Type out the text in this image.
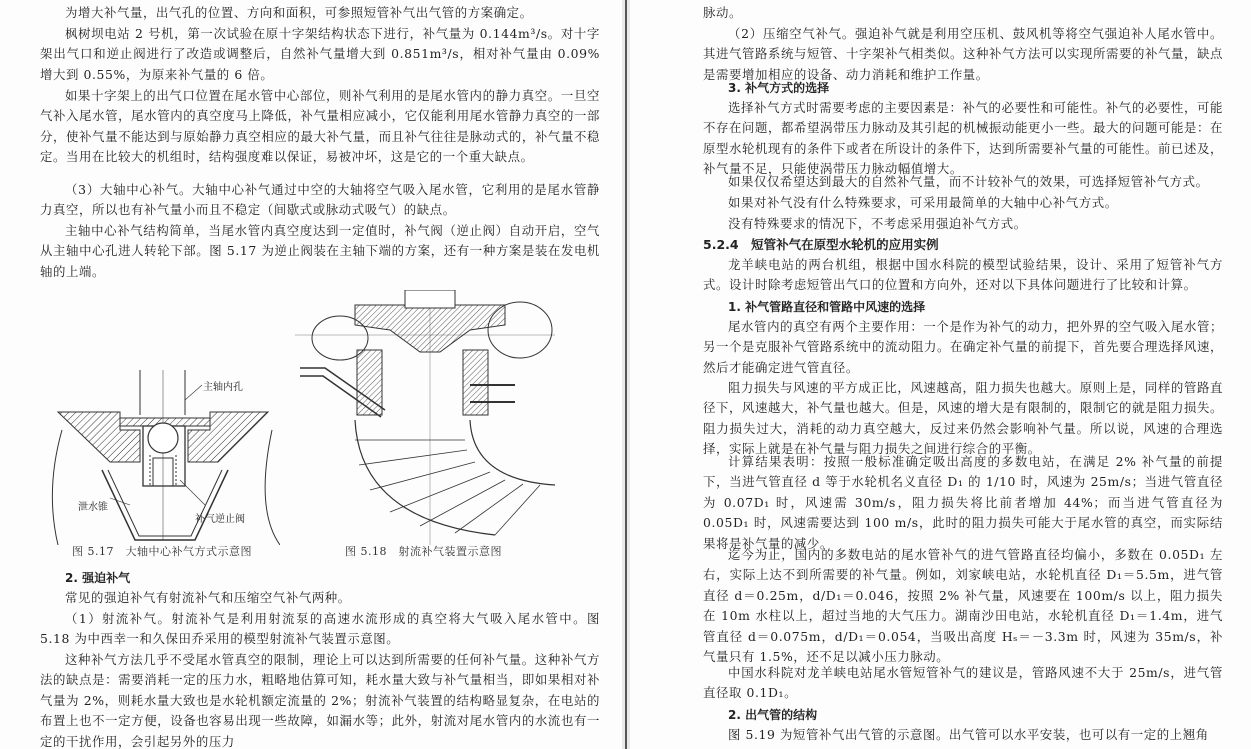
为增大补气量，出气孔的位置、方向和面积，可参照短管补气出气管的方案确定。

枫树坝电站 2 号机，第一次试验在原十字架结构状态下进行，补气量为 0.144m³/s。对十字架出气口和逆止阀进行了改造或调整后，自然补气量增大到 0.851m³/s，相对补气量由 0.09%增大到 0.55%，为原来补气量的 6 倍。

如果十字架上的出气口位置在尾水管中心部位，则补气利用的是尾水管内的静力真空。一旦空气补入尾水管，尾水管内的真空度马上降低，补气量相应减小，它仅能利用尾水管静力真空的一部分，使补气量不能达到与原始静力真空相应的最大补气量，而且补气往往是脉动式的，补气量不稳定。当用在比较大的机组时，结构强度难以保证，易被冲坏，这是它的一个重大缺点。

（3）大轴中心补气。大轴中心补气通过中空的大轴将空气吸入尾水管，它利用的是尾水管静力真空，所以也有补气量小而且不稳定（间歇式或脉动式吸气）的缺点。

主轴中心补气结构简单，当尾水管内真空度达到一定值时，补气阀（逆止阀）自动开启，空气从主轴中心孔进人转轮下部。图 5.17 为逆止阀装在主轴下端的方案，还有一种方案是装在发电机轴的上端。

主轴内孔
泄水锥
补气逆止阀
图 5.17　大轴中心补气方式示意图	图 5.18　射流补气装置示意图

2. 强迫补气

常见的强迫补气有射流补气和压缩空气补气两种。

（1）射流补气。射流补气是利用射流泵的高速水流形成的真空将大气吸入尾水管中。图 5.18 为中西幸一和久保田乔采用的模型射流补气装置示意图。

这种补气方法几乎不受尾水管真空的限制，理论上可以达到所需要的任何补气量。这种补气方法的缺点是：需要消耗一定的压力水，粗略地估算可知，耗水量大致与补气量相当，即如果相对补气量为 2%，则耗水量大致也是水轮机额定流量的 2%；射流补气装置的结构略显复杂，在电站的布置上也不一定方便，设备也容易出现一些故障，如漏水等；此外，射流对尾水管内的水流也有一定的干扰作用，会引起另外的压力

脉动。

（2）压缩空气补气。强迫补气就是利用空压机、鼓风机等将空气强迫补人尾水管中。其进气管路系统与短管、十字架补气相类似。这种补气方法可以实现所需要的补气量，缺点是需要增加相应的设备、动力消耗和维护工作量。

3. 补气方式的选择

选择补气方式时需要考虑的主要因素是：补气的必要性和可能性。补气的必要性，可能不存在问题，都希望涡带压力脉动及其引起的机械振动能更小一些。最大的问题可能是：在原型水轮机现有的条件下或者在所设计的条件下，达到所需要补气量的可能性。前已述及，补气量不足，只能使涡带压力脉动幅值增大。

如果仅仅希望达到最大的自然补气量，而不计较补气的效果，可选择短管补气方式。

如果对补气没有什么特殊要求，可采用最简单的大轴中心补气方式。

没有特殊要求的情况下，不考虑采用强迫补气方式。

5.2.4　短管补气在原型水轮机的应用实例

龙羊峡电站的两台机组，根据中国水科院的模型试验结果，设计、采用了短管补气方式。设计时除考虑短管出气口的位置和方向外，还对以下具体问题进行了比较和计算。

1. 补气管路直径和管路中风速的选择

尾水管内的真空有两个主要作用：一个是作为补气的动力，把外界的空气吸入尾水管；另一个是克服补气管路系统中的流动阻力。在确定补气量的前提下，首先要合理选择风速，然后才能确定进气管直径。

阻力损失与风速的平方成正比，风速越高，阻力损失也越大。原则上是，同样的管路直径下，风速越大，补气量也越大。但是，风速的增大是有限制的，限制它的就是阻力损失。阻力损失过大，消耗的动力真空越大，反过来仍然会影响补气量。所以说，风速的合理选择，实际上就是在补气量与阻力损失之间进行综合的平衡。

计算结果表明：按照一般标准确定吸出高度的多数电站，在满足 2% 补气量的前提下，当进气管直径 d 等于水轮机名义直径 D₁ 的 1/10 时，风速为 25m/s；当进气管直径为 0.07D₁ 时，风速需 30m/s，阻力损失将比前者增加 44%；而当进气管直径为 0.05D₁ 时，风速需要达到 100 m/s，此时的阻力损失可能大于尾水管的真空，而实际结果将是补气量的减少。

迄今为止，国内的多数电站的尾水管补气的进气管路直径均偏小，多数在 0.05D₁ 左右，实际上达不到所需要的补气量。例如，刘家峡电站，水轮机直径 D₁＝5.5m，进气管直径 d＝0.25m，d/D₁＝0.046，按照 2% 补气量，风速要在 100m/s 以上，阻力损失在 10m 水柱以上，超过当地的大气压力。湖南沙田电站，水轮机直径 D₁＝1.4m，进气管直径 d＝0.075m，d/D₁＝0.054，当吸出高度 Hₛ＝－3.3m 时，风速为 35m/s，补气量只有 1.5%，还不足以减小压力脉动。

中国水科院对龙羊峡电站尾水管短管补气的建议是，管路风速不大于 25m/s，进气管直径取 0.1D₁。

2. 出气管的结构

图 5.19 为短管补气出气管的示意图。出气管可以水平安装，也可以有一定的上翘角
